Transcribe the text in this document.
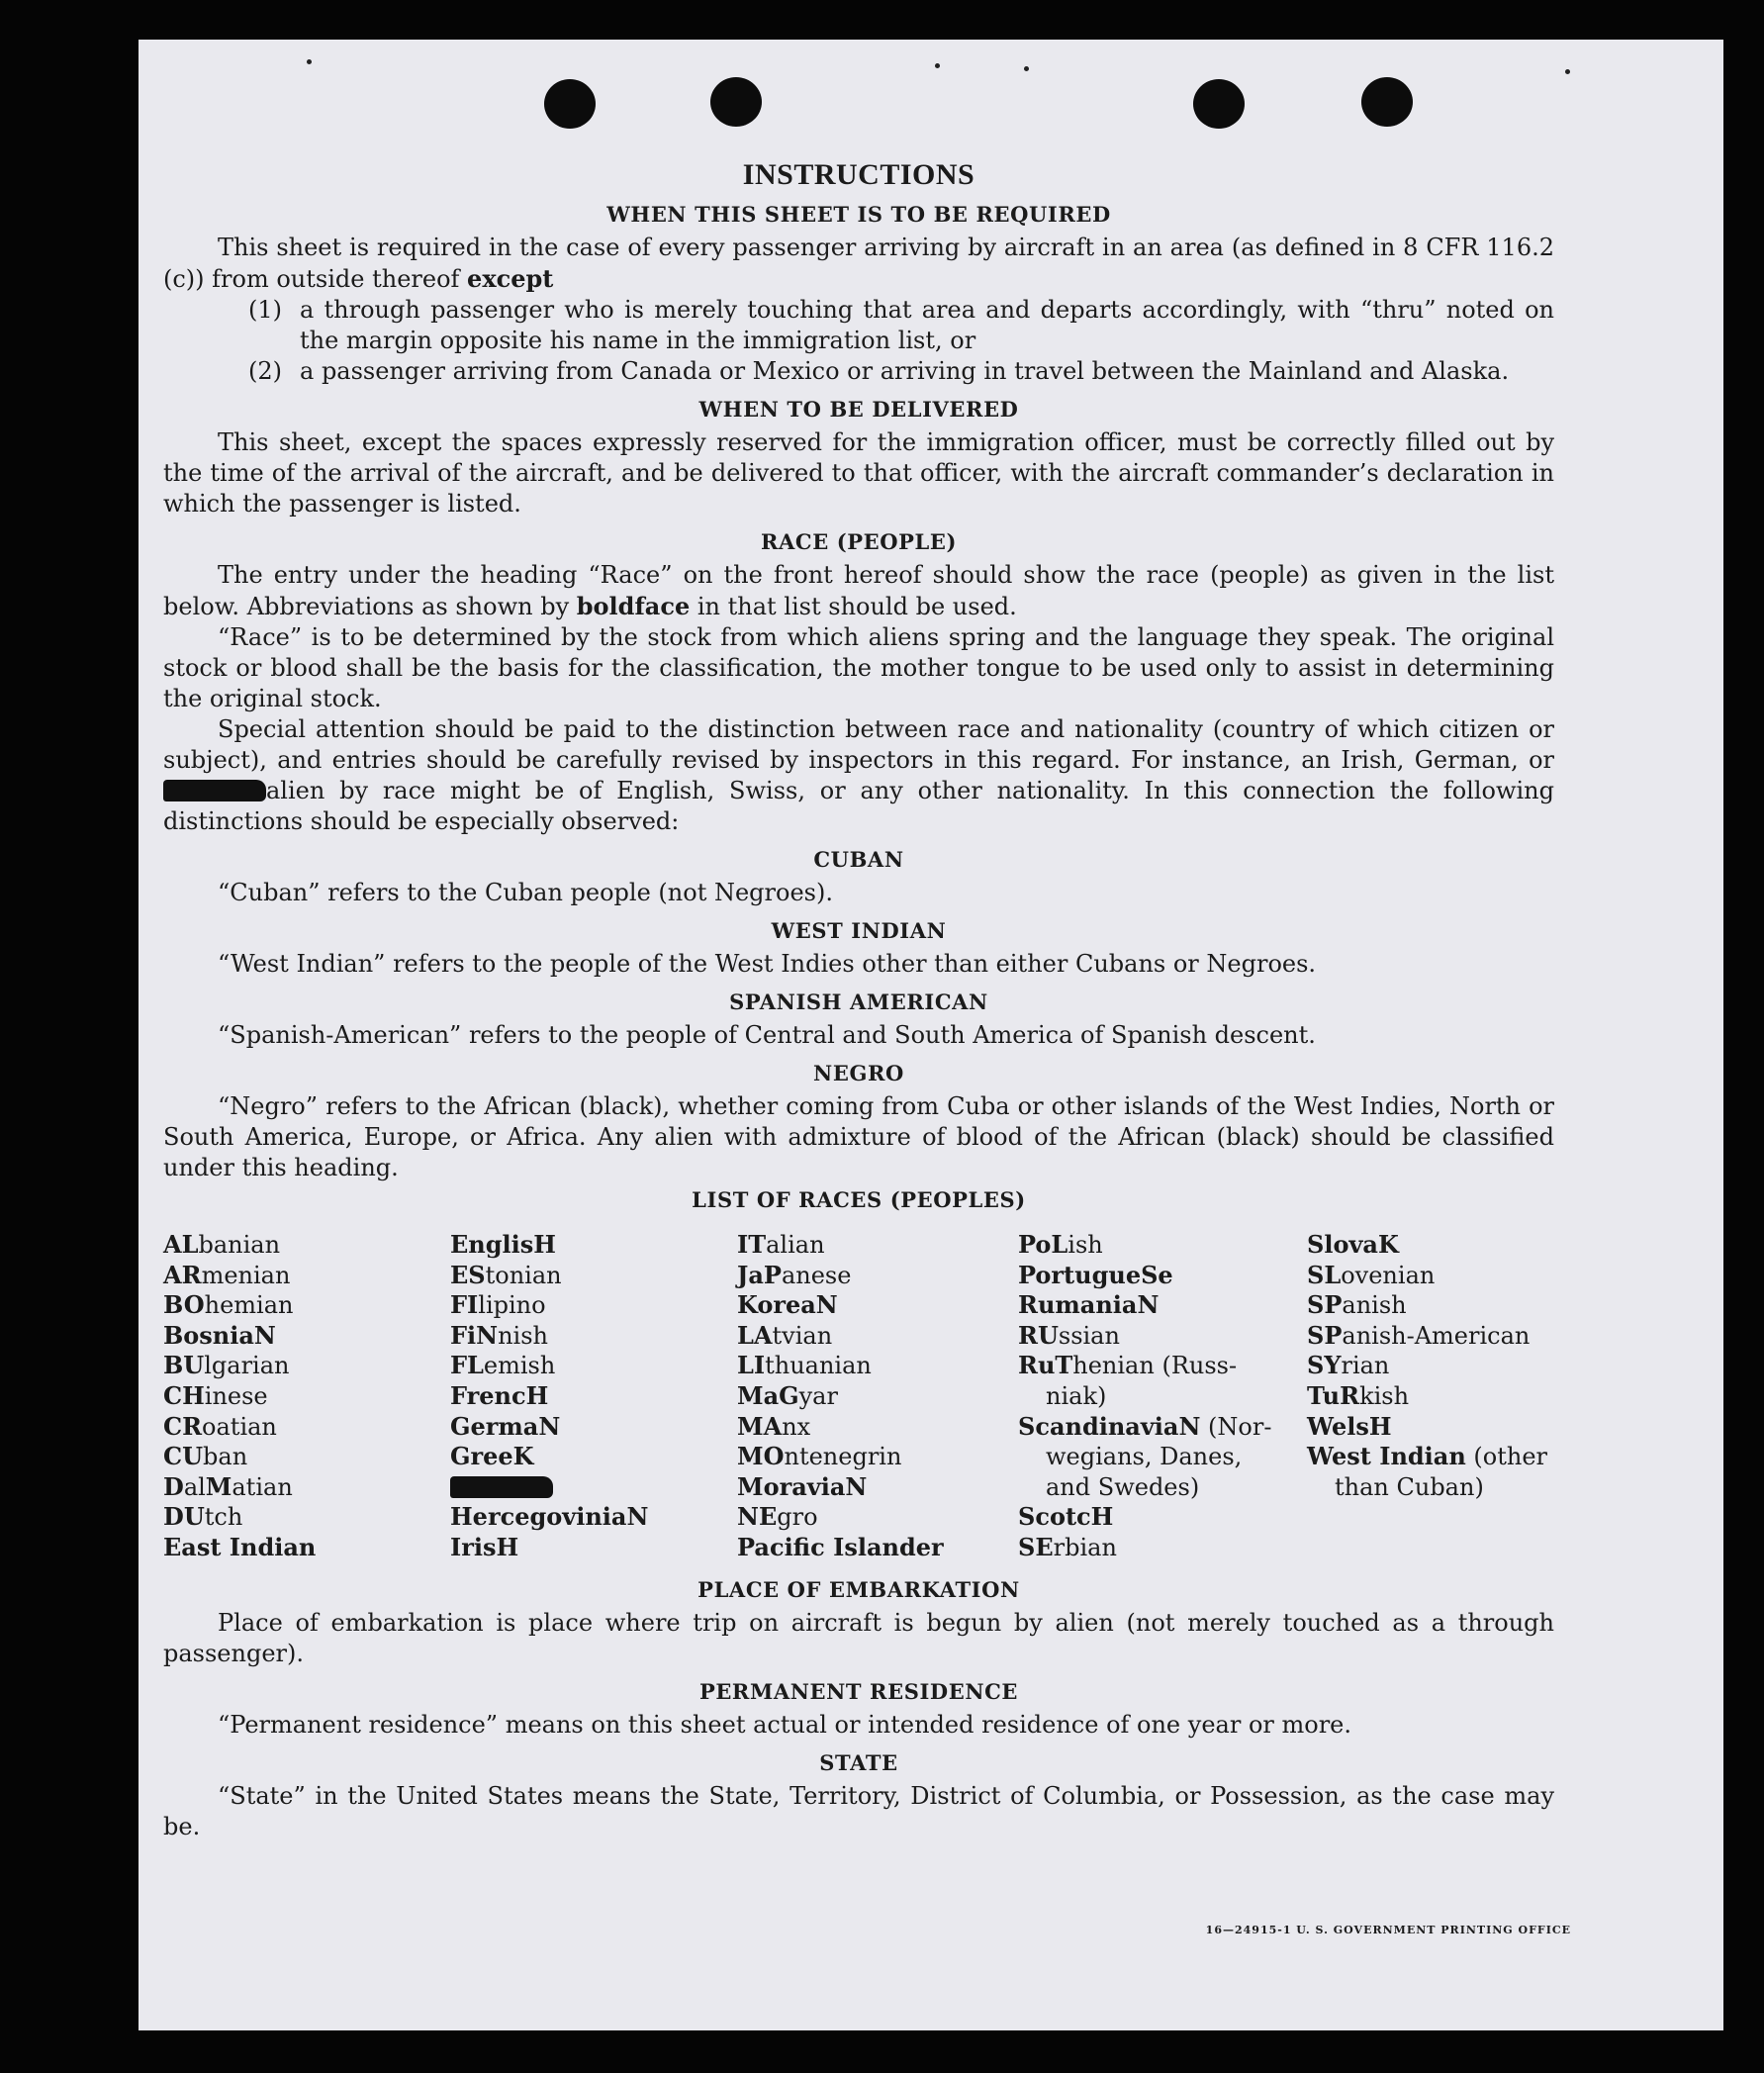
INSTRUCTIONS
WHEN THIS SHEET IS TO BE REQUIRED

This sheet is required in the case of every passenger arriving by aircraft in an area (as defined in 8 CFR 116.2 (c)) from outside thereof except

(1) a through passenger who is merely touching that area and departs accordingly, with “thru” noted on the margin opposite his name in the immigration list, or
(2) a passenger arriving from Canada or Mexico or arriving in travel between the Mainland and Alaska.
WHEN TO BE DELIVERED

This sheet, except the spaces expressly reserved for the immigration officer, must be correctly filled out by the time of the arrival of the aircraft, and be delivered to that officer, with the aircraft commander’s declaration in which the passenger is listed.

RACE (PEOPLE)

The entry under the heading “Race” on the front hereof should show the race (people) as given in the list below. Abbreviations as shown by boldface in that list should be used.

“Race” is to be determined by the stock from which aliens spring and the language they speak. The original stock or blood shall be the basis for the classification, the mother tongue to be used only to assist in determining the original stock.

Special attention should be paid to the distinction between race and nationality (country of which citizen or subject), and entries should be carefully revised by inspectors in this regard. For instance, an Irish, German, or alien by race might be of English, Swiss, or any other nationality. In this connection the following distinctions should be especially observed:

CUBAN

“Cuban” refers to the Cuban people (not Negroes).

WEST INDIAN

“West Indian” refers to the people of the West Indies other than either Cubans or Negroes.

SPANISH AMERICAN

“Spanish-American” refers to the people of Central and South America of Spanish descent.

NEGRO

“Negro” refers to the African (black), whether coming from Cuba or other islands of the West Indies, North or South America, Europe, or Africa. Any alien with admixture of blood of the African (black) should be classified under this heading.

LIST OF RACES (PEOPLES)
ALbanian
ARmenian
BOhemian
BosniaN
BUlgarian
CHinese
CRoatian
CUban
DalMatian
DUtch
East Indian
EnglisH
EStonian
FIlipino
FiNnish
FLemish
FrencH
GermaN
GreeK
HercegoviniaN
IrisH
ITalian
JaPanese
KoreaN
LAtvian
LIthuanian
MaGyar
MAnx
MOntenegrin
MoraviaN
NEgro
Pacific Islander
PoLish
PortugueSe
RumaniaN
RUssian
RuThenian (Russ-
niak)
ScandinaviaN (Nor-
wegians, Danes,
and Swedes)
ScotcH
SErbian
SlovaK
SLovenian
SPanish
SPanish-American
SYrian
TuRkish
WelsH
West Indian (other
than Cuban)
PLACE OF EMBARKATION

Place of embarkation is place where trip on aircraft is begun by alien (not merely touched as a through passenger).

PERMANENT RESIDENCE

“Permanent residence” means on this sheet actual or intended residence of one year or more.

STATE

“State” in the United States means the State, Territory, District of Columbia, or Possession, as the case may be.

16—24915-1 U. S. GOVERNMENT PRINTING OFFICE
